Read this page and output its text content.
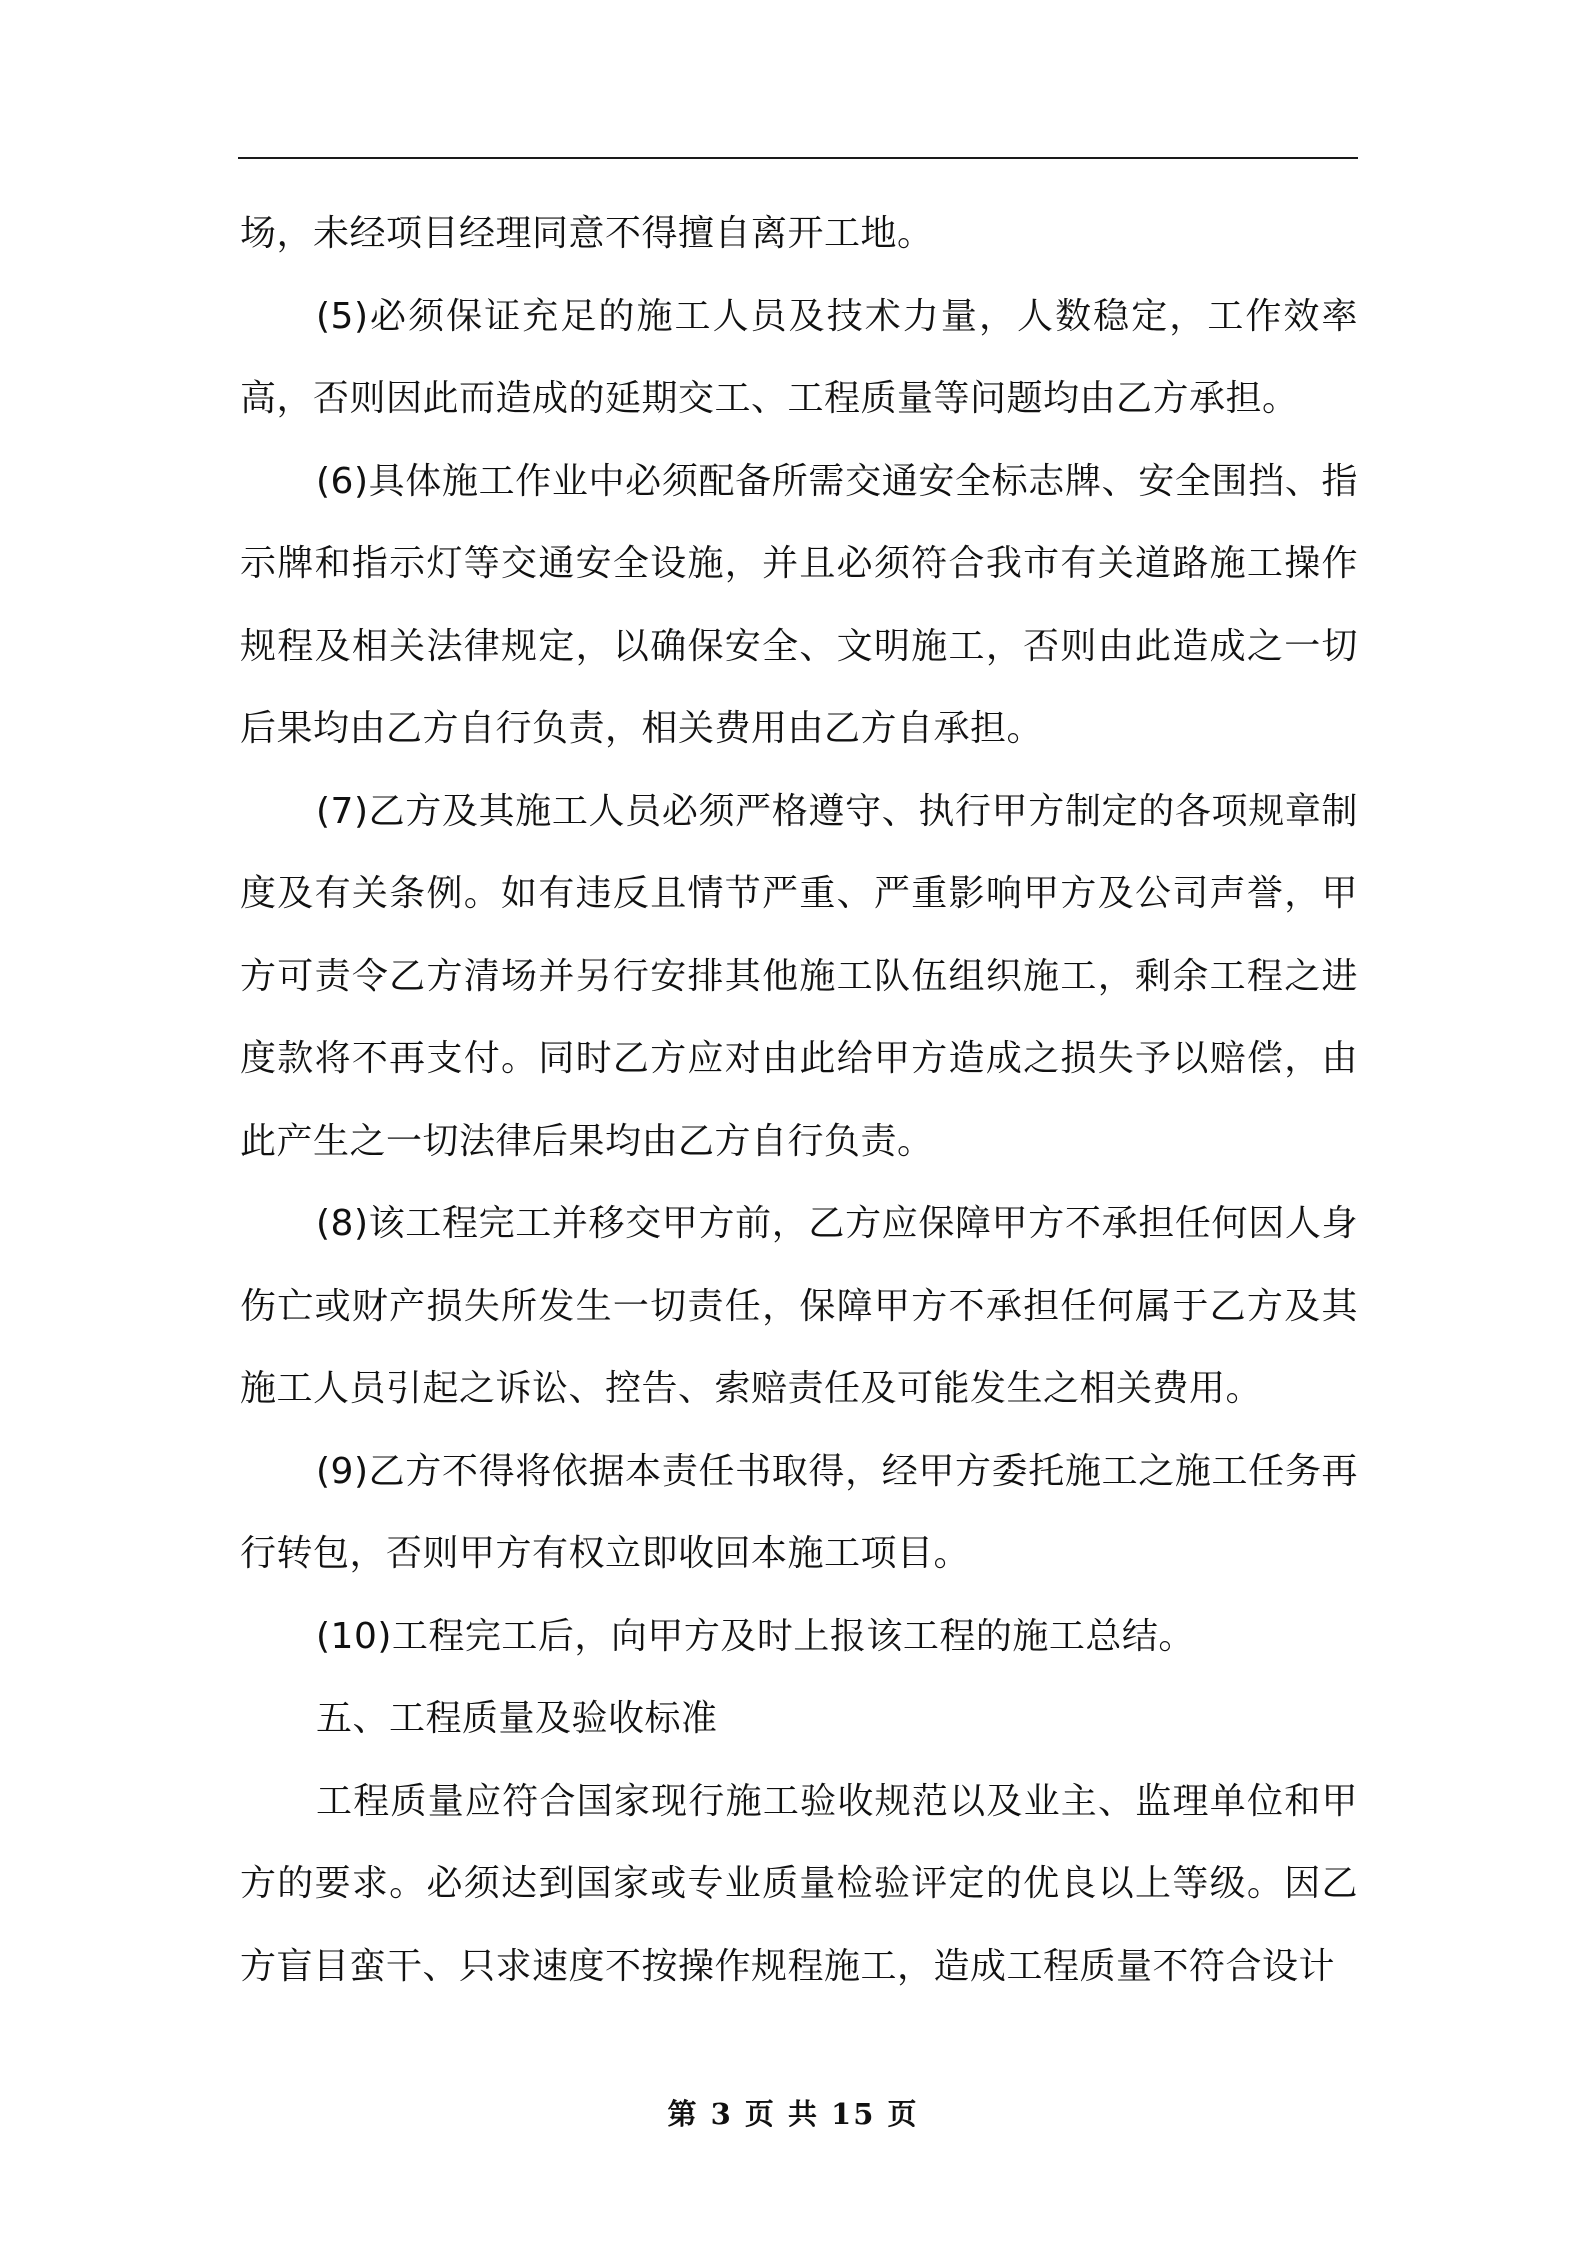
场，未经项目经理同意不得擅自离开工地。

(5)必须保证充足的施工人员及技术力量，人数稳定，工作效率高，否则因此而造成的延期交工、工程质量等问题均由乙方承担。

(6)具体施工作业中必须配备所需交通安全标志牌、安全围挡、指示牌和指示灯等交通安全设施，并且必须符合我市有关道路施工操作规程及相关法律规定，以确保安全、文明施工，否则由此造成之一切后果均由乙方自行负责，相关费用由乙方自承担。

(7)乙方及其施工人员必须严格遵守、执行甲方制定的各项规章制度及有关条例。如有违反且情节严重、严重影响甲方及公司声誉，甲方可责令乙方清场并另行安排其他施工队伍组织施工，剩余工程之进度款将不再支付。同时乙方应对由此给甲方造成之损失予以赔偿，由此产生之一切法律后果均由乙方自行负责。

(8)该工程完工并移交甲方前，乙方应保障甲方不承担任何因人身伤亡或财产损失所发生一切责任，保障甲方不承担任何属于乙方及其施工人员引起之诉讼、控告、索赔责任及可能发生之相关费用。

(9)乙方不得将依据本责任书取得，经甲方委托施工之施工任务再行转包，否则甲方有权立即收回本施工项目。

(10)工程完工后，向甲方及时上报该工程的施工总结。

五、工程质量及验收标准

工程质量应符合国家现行施工验收规范以及业主、监理单位和甲方的要求。必须达到国家或专业质量检验评定的优良以上等级。因乙方盲目蛮干、只求速度不按操作规程施工，造成工程质量不符合设计

第 3 页 共 15 页
